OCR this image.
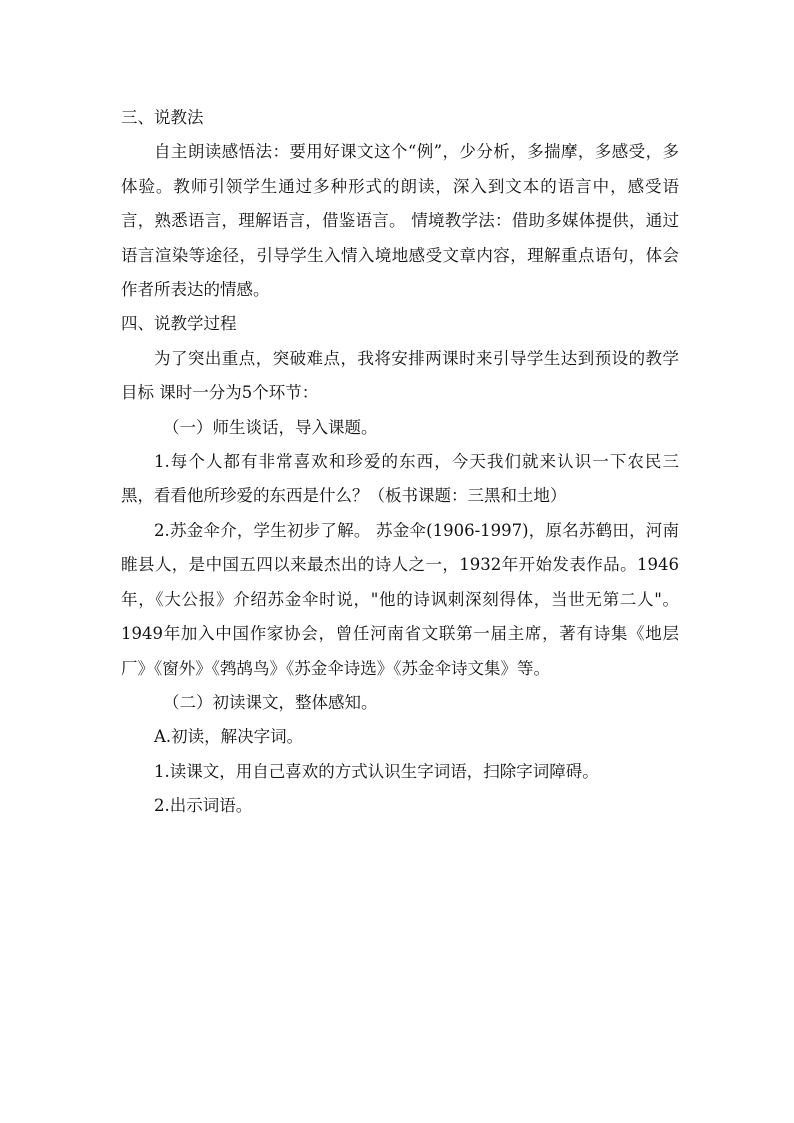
三、说教法

自主朗读感悟法：要用好课文这个“例”，少分析，多揣摩，多感受，多体验。教师引领学生通过多种形式的朗读，深入到文本的语言中，感受语言，熟悉语言，理解语言，借鉴语言。 情境教学法：借助多媒体提供，通过语言渲染等途径，引导学生入情入境地感受文章内容，理解重点语句，体会作者所表达的情感。

四、说教学过程

为了突出重点，突破难点，我将安排两课时来引导学生达到预设的教学目标 课时一分为5个环节：

（一）师生谈话，导入课题。

1.每个人都有非常喜欢和珍爱的东西，今天我们就来认识一下农民三黑，看看他所珍爱的东西是什么？（板书课题：三黑和土地）

2.苏金伞介，学生初步了解。 苏金伞(1906-1997)，原名苏鹤田，河南睢县人，是中国五四以来最杰出的诗人之一，1932年开始发表作品。1946年，《大公报》介绍苏金伞时说，"他的诗讽刺深刻得体，当世无第二人"。 1949年加入中国作家协会，曾任河南省文联第一届主席，著有诗集《地层厂》《窗外》《鹁鸪鸟》《苏金伞诗选》《苏金伞诗文集》等。

（二）初读课文，整体感知。

A.初读，解决字词。

1.读课文，用自己喜欢的方式认识生字词语，扫除字词障碍。

2.出示词语。
